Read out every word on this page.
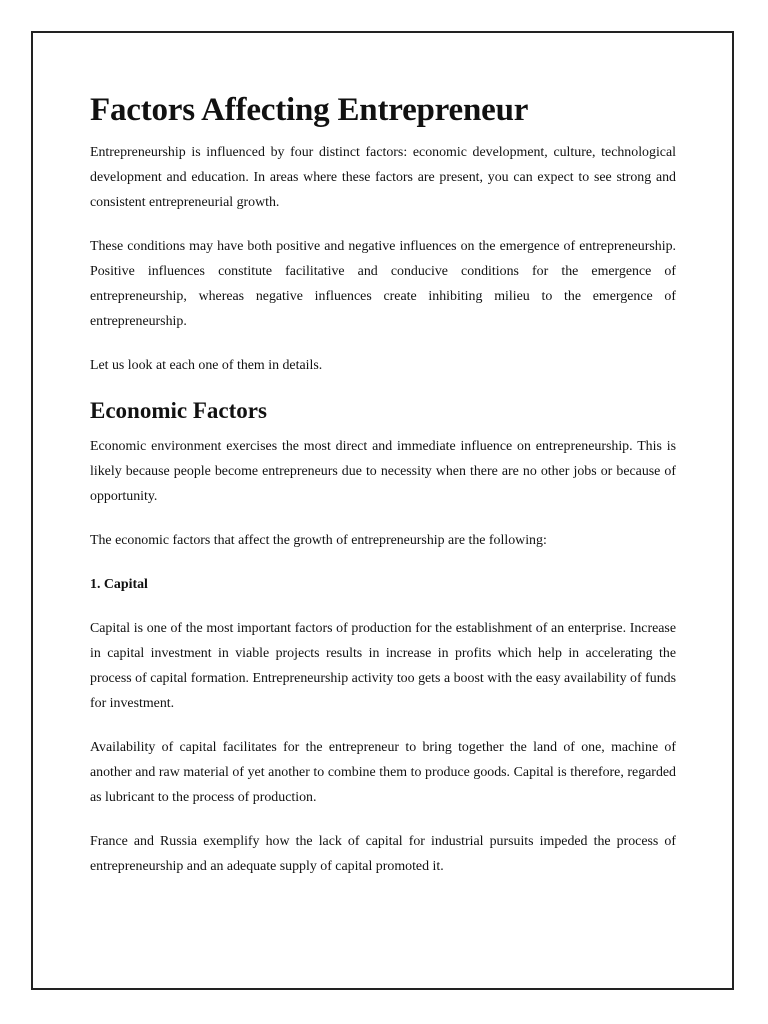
Factors Affecting Entrepreneur

Entrepreneurship is influenced by four distinct factors: economic development, culture, technological development and education. In areas where these factors are present, you can expect to see strong and consistent entrepreneurial growth.

These conditions may have both positive and negative influences on the emergence of entrepreneurship. Positive influences constitute facilitative and conducive conditions for the emergence of entrepreneurship, whereas negative influences create inhibiting milieu to the emergence of entrepreneurship.

Let us look at each one of them in details.

Economic Factors

Economic environment exercises the most direct and immediate influence on entrepreneurship. This is likely because people become entrepreneurs due to necessity when there are no other jobs or because of opportunity.

The economic factors that affect the growth of entrepreneurship are the following:

1. Capital

Capital is one of the most important factors of production for the establishment of an enterprise. Increase in capital investment in viable projects results in increase in profits which help in accelerating the process of capital formation. Entrepreneurship activity too gets a boost with the easy availability of funds for investment.

Availability of capital facilitates for the entrepreneur to bring together the land of one, machine of another and raw material of yet another to combine them to produce goods. Capital is therefore, regarded as lubricant to the process of production.

France and Russia exemplify how the lack of capital for industrial pursuits impeded the process of entrepreneurship and an adequate supply of capital promoted it.
